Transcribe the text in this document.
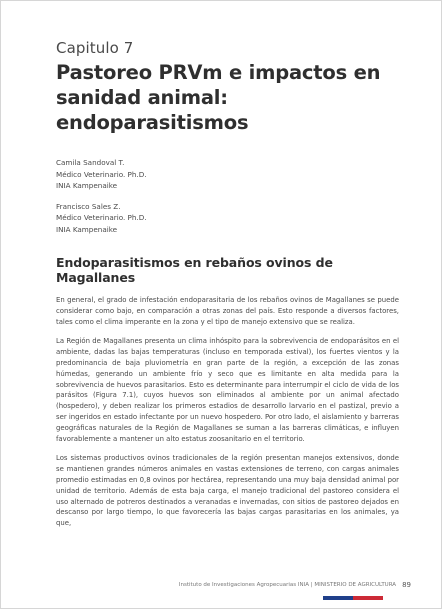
Capitulo 7
Pastoreo PRVm e impactos en sanidad animal: endoparasitismos
Camila Sandoval T.
Médico Veterinario. Ph.D.
INIA Kampenaike
Francisco Sales Z.
Médico Veterinario. Ph.D.
INIA Kampenaike
Endoparasitismos en rebaños ovinos de Magallanes

En general, el grado de infestación endoparasitaria de los rebaños ovinos de Magallanes se puede considerar como bajo, en comparación a otras zonas del país. Esto responde a diversos factores, tales como el clima imperante en la zona y el tipo de manejo extensivo que se realiza.

La Región de Magallanes presenta un clima inhóspito para la sobrevivencia de endoparásitos en el ambiente, dadas las bajas temperaturas (incluso en temporada estival), los fuertes vientos y la predominancia de baja pluviometría en gran parte de la región, a excepción de las zonas húmedas, generando un ambiente frío y seco que es limitante en alta medida para la sobrevivencia de huevos parasitarios. Esto es determinante para interrumpir el ciclo de vida de los parásitos (Figura 7.1), cuyos huevos son eliminados al ambiente por un animal afectado (hospedero), y deben realizar los primeros estadios de desarrollo larvario en el pastizal, previo a ser ingeridos en estado infectante por un nuevo hospedero. Por otro lado, el aislamiento y barreras geográficas naturales de la Región de Magallanes se suman a las barreras climáticas, e influyen favorablemente a mantener un alto estatus zoosanitario en el territorio.

Los sistemas productivos ovinos tradicionales de la región presentan manejos extensivos, donde se mantienen grandes números animales en vastas extensiones de terreno, con cargas animales promedio estimadas en 0,8 ovinos por hectárea, representando una muy baja densidad animal por unidad de territorio. Además de esta baja carga, el manejo tradicional del pastoreo considera el uso alternado de potreros destinados a veranadas e invernadas, con sitios de pastoreo dejados en descanso por largo tiempo, lo que favorecería las bajas cargas parasitarias en los animales, ya que,

Instituto de Investigaciones Agropecuarias INIA | MINISTERIO DE AGRICULTURA 89
